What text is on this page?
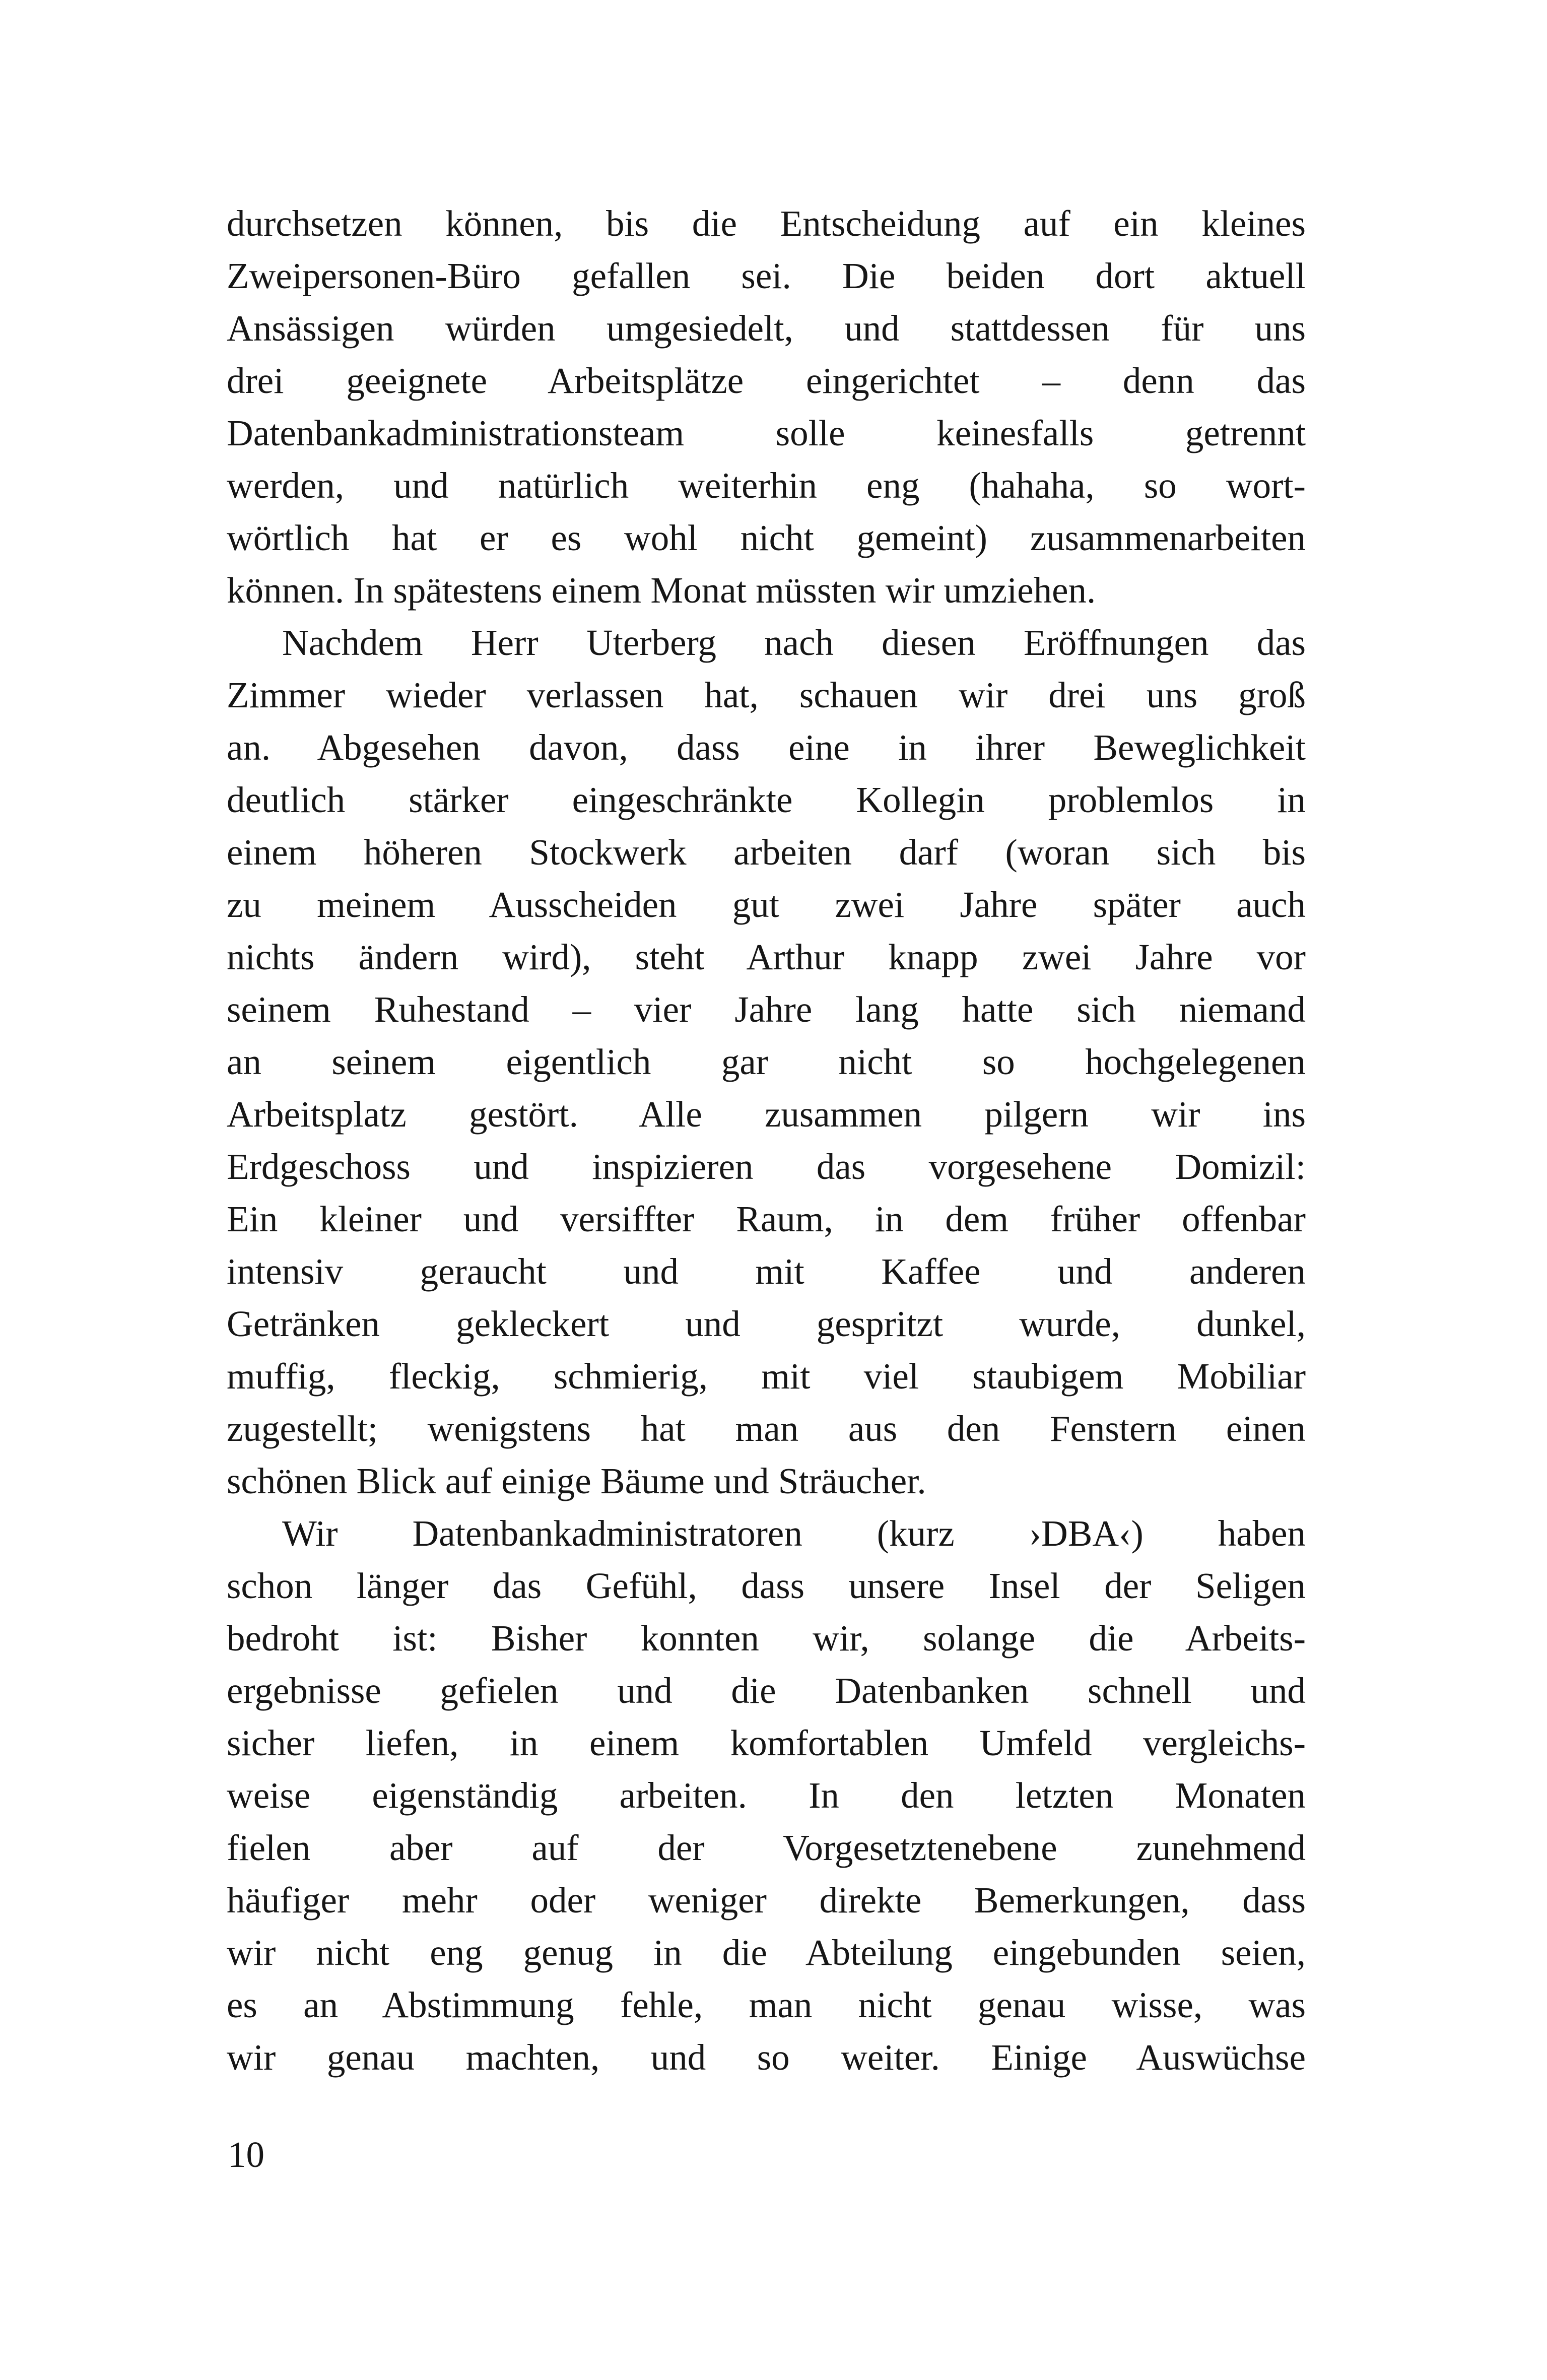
durchsetzen können, bis die Entscheidung auf ein kleines
Zweipersonen-Büro gefallen sei. Die beiden dort aktuell
Ansässigen würden umgesiedelt, und stattdessen für uns
drei geeignete Arbeitsplätze eingerichtet – denn das
Datenbankadministrationsteam solle keinesfalls getrennt
werden, und natürlich weiterhin eng (hahaha, so wort-
wörtlich hat er es wohl nicht gemeint) zusammenarbeiten
können. In spätestens einem Monat müssten wir umziehen.
Nachdem Herr Uterberg nach diesen Eröffnungen das
Zimmer wieder verlassen hat, schauen wir drei uns groß
an. Abgesehen davon, dass eine in ihrer Beweglichkeit
deutlich stärker eingeschränkte Kollegin problemlos in
einem höheren Stockwerk arbeiten darf (woran sich bis
zu meinem Ausscheiden gut zwei Jahre später auch
nichts ändern wird), steht Arthur knapp zwei Jahre vor
seinem Ruhestand – vier Jahre lang hatte sich niemand
an seinem eigentlich gar nicht so hochgelegenen
Arbeitsplatz gestört. Alle zusammen pilgern wir ins
Erdgeschoss und inspizieren das vorgesehene Domizil:
Ein kleiner und versiffter Raum, in dem früher offenbar
intensiv geraucht und mit Kaffee und anderen
Getränken gekleckert und gespritzt wurde, dunkel,
muffig, fleckig, schmierig, mit viel staubigem Mobiliar
zugestellt; wenigstens hat man aus den Fenstern einen
schönen Blick auf einige Bäume und Sträucher.
Wir Datenbankadministratoren (kurz ›DBA‹) haben
schon länger das Gefühl, dass unsere Insel der Seligen
bedroht ist: Bisher konnten wir, solange die Arbeits-
ergebnisse gefielen und die Datenbanken schnell und
sicher liefen, in einem komfortablen Umfeld vergleichs-
weise eigenständig arbeiten. In den letzten Monaten
fielen aber auf der Vorgesetztenebene zunehmend
häufiger mehr oder weniger direkte Bemerkungen, dass
wir nicht eng genug in die Abteilung eingebunden seien,
es an Abstimmung fehle, man nicht genau wisse, was
wir genau machten, und so weiter. Einige Auswüchse
10
